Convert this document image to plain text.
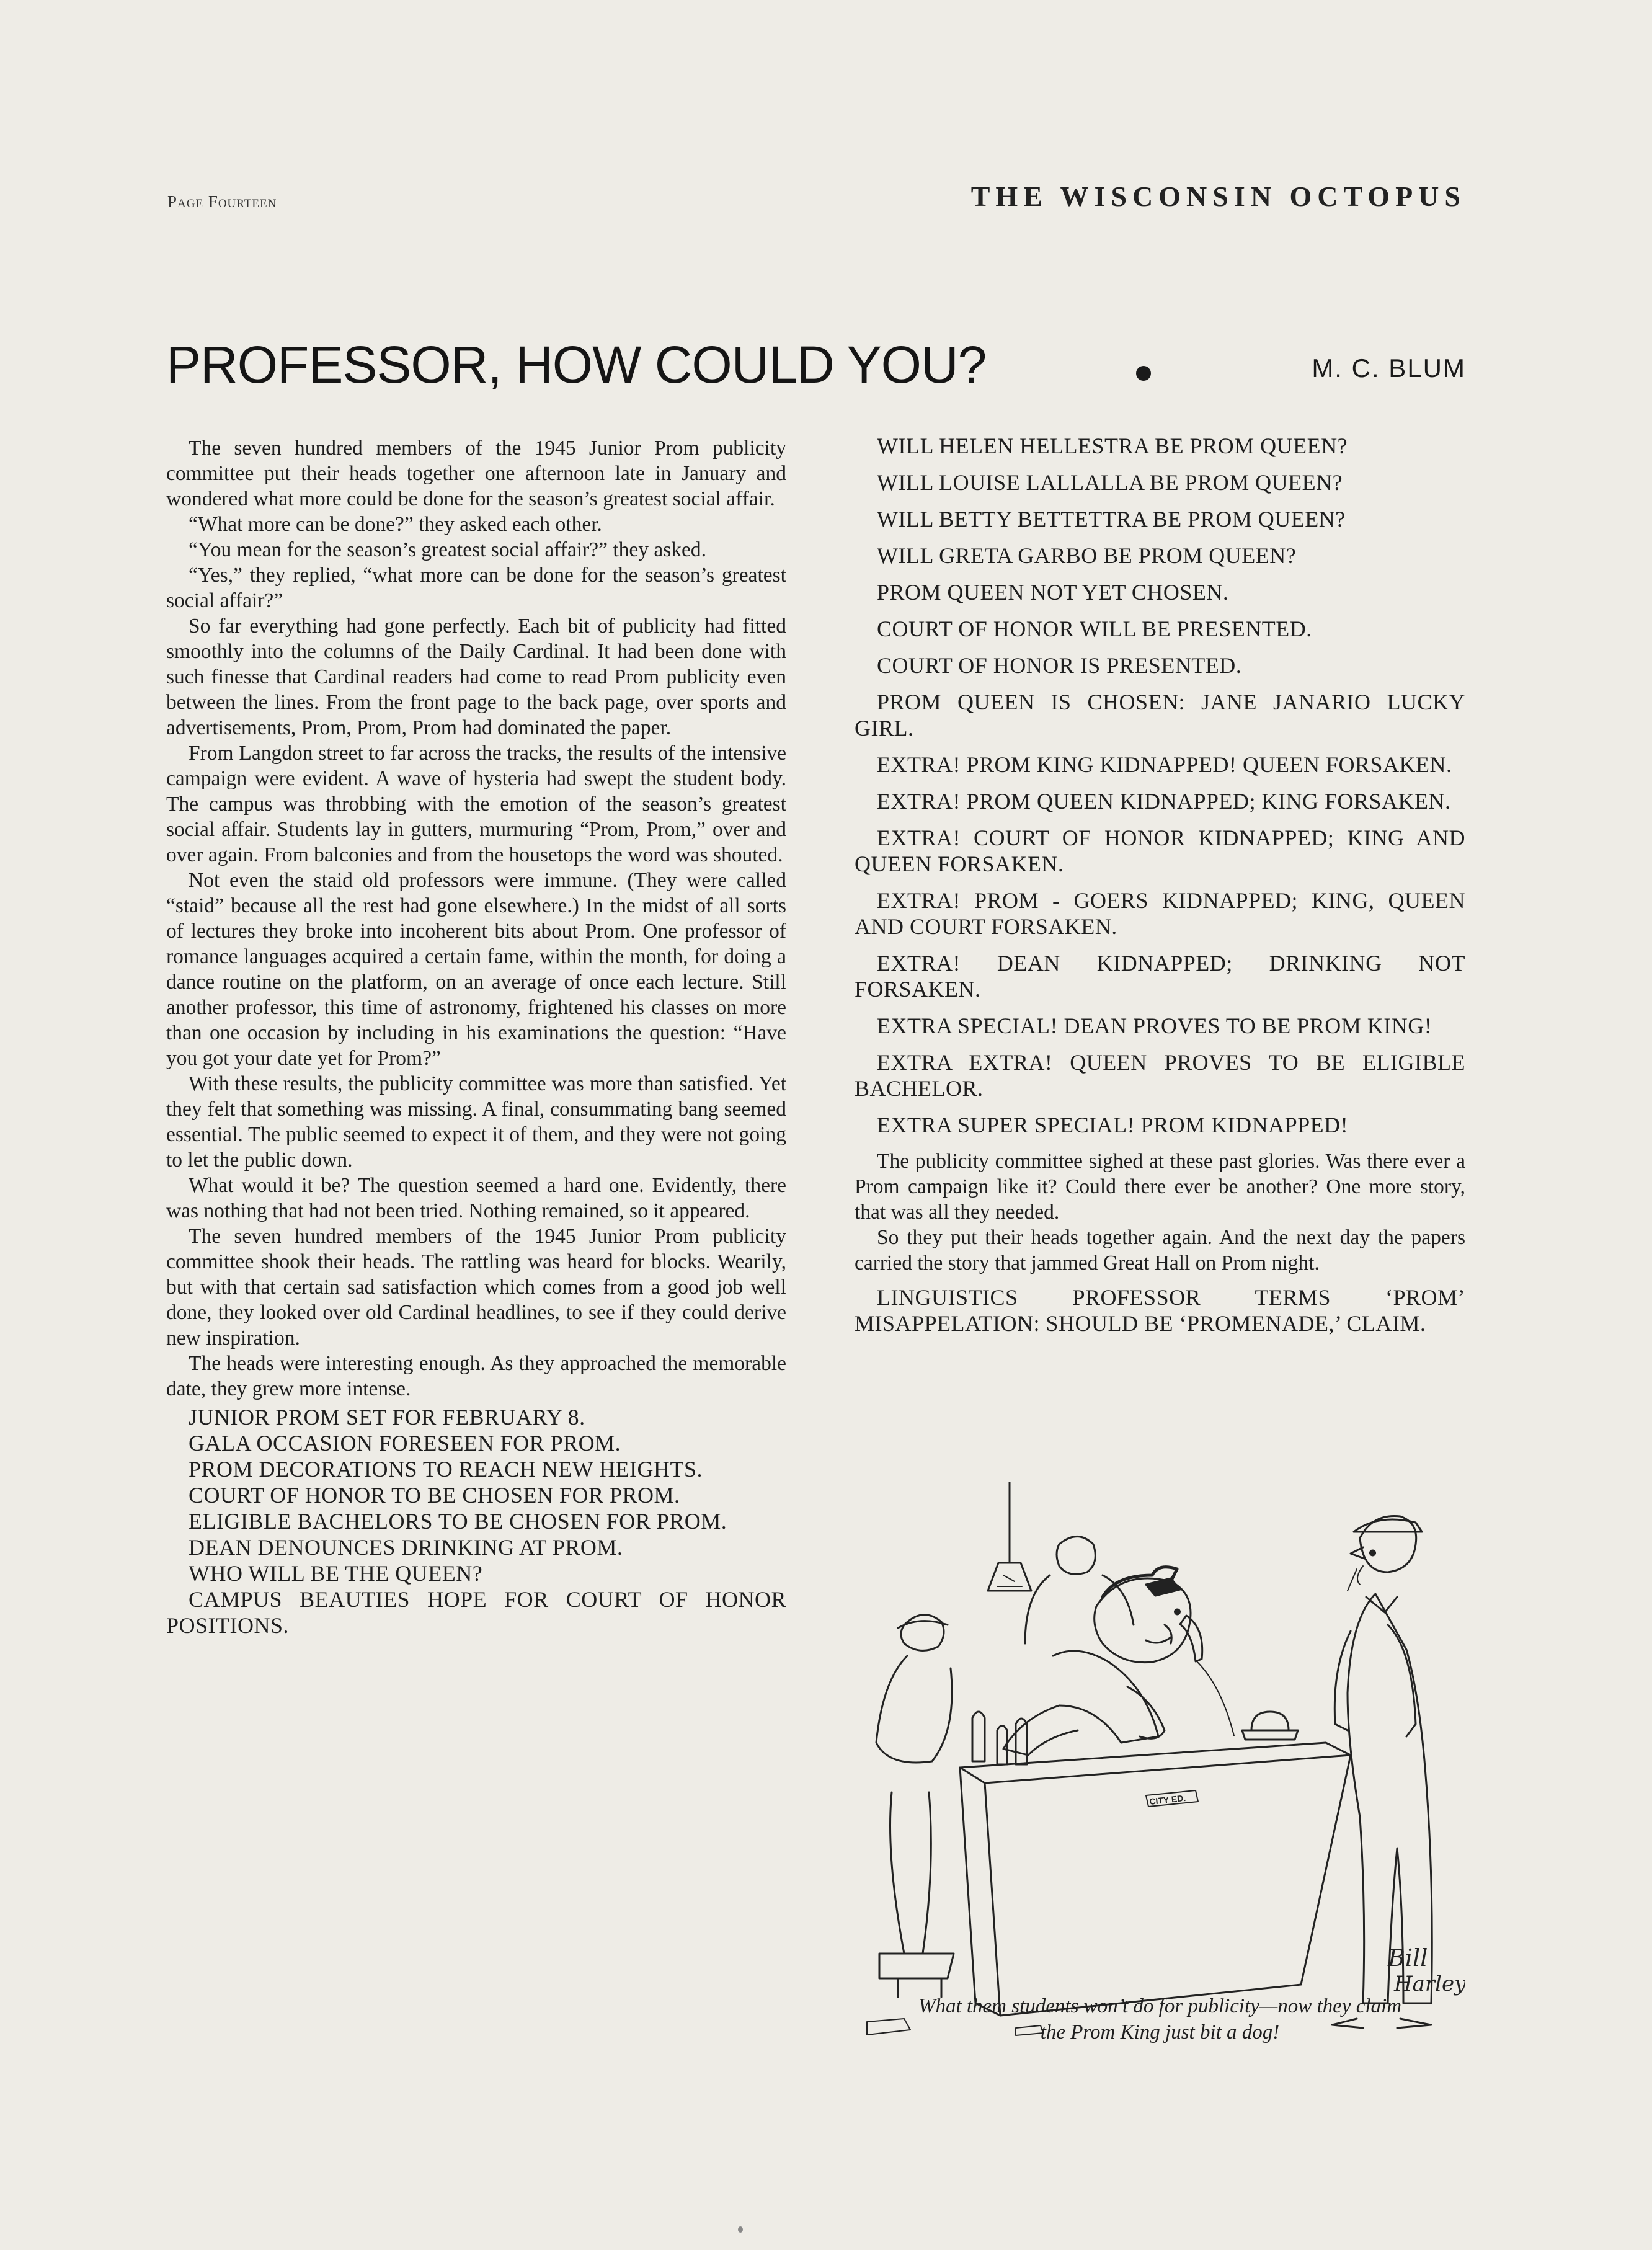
Page Fourteen	THE WISCONSIN OCTOPUS
PROFESSOR, HOW COULD YOU?	M. C. BLUM

The seven hundred members of the 1945 Junior Prom publicity committee put their heads together one afternoon late in January and wondered what more could be done for the season’s greatest social affair.

“What more can be done?” they asked each other.

“You mean for the season’s greatest social affair?” they asked.

“Yes,” they replied, “what more can be done for the season’s greatest social affair?”

So far everything had gone perfectly. Each bit of publicity had fitted smoothly into the columns of the Daily Cardinal. It had been done with such finesse that Cardinal readers had come to read Prom publicity even between the lines. From the front page to the back page, over sports and advertisements, Prom, Prom, Prom had dominated the paper.

From Langdon street to far across the tracks, the results of the intensive campaign were evident. A wave of hysteria had swept the student body. The campus was throbbing with the emotion of the season’s greatest social affair. Students lay in gutters, murmuring “Prom, Prom,” over and over again. From balconies and from the housetops the word was shouted.

Not even the staid old professors were immune. (They were called “staid” because all the rest had gone elsewhere.) In the midst of all sorts of lectures they broke into incoherent bits about Prom. One professor of romance languages acquired a certain fame, within the month, for doing a dance routine on the platform, on an average of once each lecture. Still another professor, this time of astronomy, frightened his classes on more than one occasion by including in his examinations the question: “Have you got your date yet for Prom?”

With these results, the publicity committee was more than satisfied. Yet they felt that something was missing. A final, consummating bang seemed essential. The public seemed to expect it of them, and they were not going to let the public down.

What would it be? The question seemed a hard one. Evidently, there was nothing that had not been tried. Nothing remained, so it appeared.

The seven hundred members of the 1945 Junior Prom publicity committee shook their heads. The rattling was heard for blocks. Wearily, but with that certain sad satisfaction which comes from a good job well done, they looked over old Cardinal headlines, to see if they could derive new inspiration.

The heads were interesting enough. As they approached the memorable date, they grew more intense.

JUNIOR PROM SET FOR FEBRUARY 8.

GALA OCCASION FORESEEN FOR PROM.

PROM DECORATIONS TO REACH NEW HEIGHTS.

COURT OF HONOR TO BE CHOSEN FOR PROM.

ELIGIBLE BACHELORS TO BE CHOSEN FOR PROM.

DEAN DENOUNCES DRINKING AT PROM.

WHO WILL BE THE QUEEN?

CAMPUS BEAUTIES HOPE FOR COURT OF HONOR POSITIONS.

WILL HELEN HELLESTRA BE PROM QUEEN?

WILL LOUISE LALLALLA BE PROM QUEEN?

WILL BETTY BETTETTRA BE PROM QUEEN?

WILL GRETA GARBO BE PROM QUEEN?

PROM QUEEN NOT YET CHOSEN.

COURT OF HONOR WILL BE PRESENTED.

COURT OF HONOR IS PRESENTED.

PROM QUEEN IS CHOSEN: JANE JANARIO LUCKY GIRL.

EXTRA! PROM KING KIDNAPPED! QUEEN FORSAKEN.

EXTRA! PROM QUEEN KIDNAPPED; KING FORSAKEN.

EXTRA! COURT OF HONOR KIDNAPPED; KING AND QUEEN FORSAKEN.

EXTRA! PROM - GOERS KIDNAPPED; KING, QUEEN AND COURT FORSAKEN.

EXTRA! DEAN KIDNAPPED; DRINKING NOT FORSAKEN.

EXTRA SPECIAL! DEAN PROVES TO BE PROM KING!

EXTRA EXTRA! QUEEN PROVES TO BE ELIGIBLE BACHELOR.

EXTRA SUPER SPECIAL! PROM KIDNAPPED!

The publicity committee sighed at these past glories. Was there ever a Prom campaign like it? Could there ever be another? One more story, that was all they needed.

So they put their heads together again. And the next day the papers carried the story that jammed Great Hall on Prom night.

LINGUISTICS PROFESSOR TERMS ‘PROM’ MISAPPELATION: SHOULD BE ‘PROMENADE,’ CLAIM.

Bill
Harley
CITY ED.
What them students won’t do for publicity—now they claim
the Prom King just bit a dog!
